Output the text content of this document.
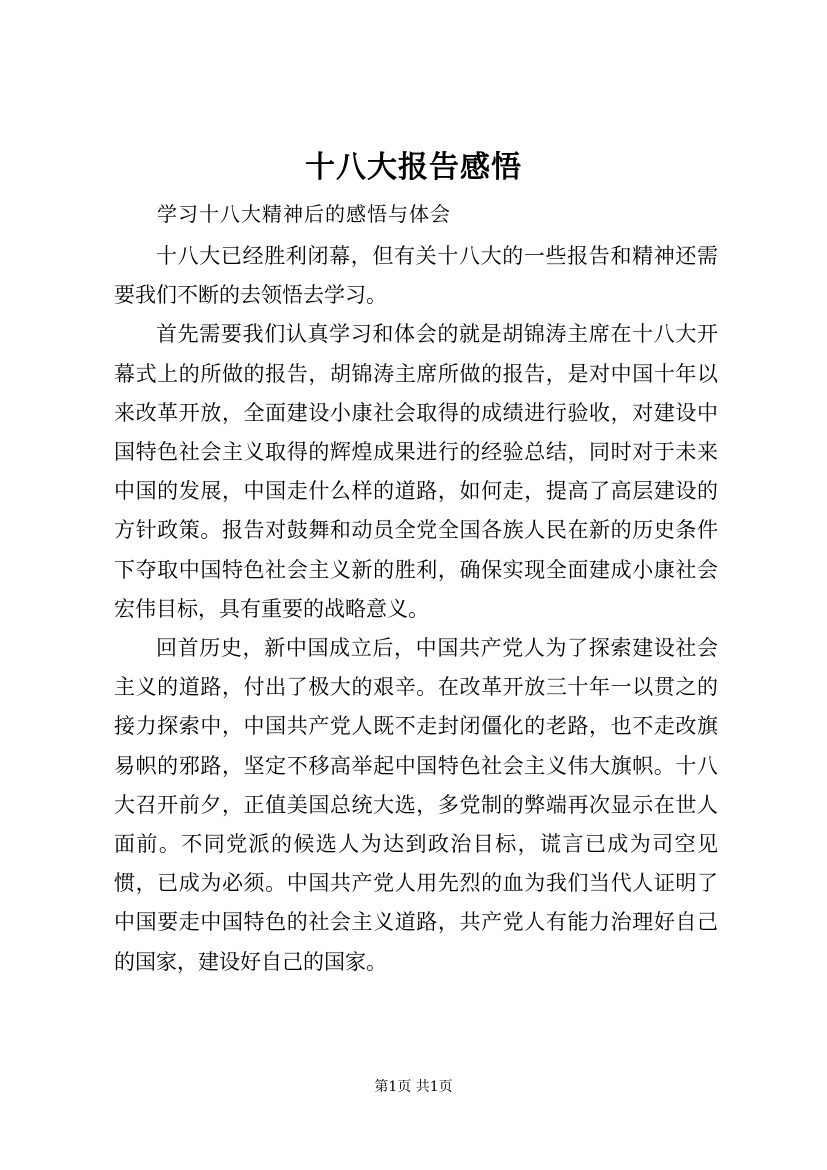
十八大报告感悟
学习十八大精神后的感悟与体会

十八大已经胜利闭幕，但有关十八大的一些报告和精神还需要我们不断的去领悟去学习。

首先需要我们认真学习和体会的就是胡锦涛主席在十八大开幕式上的所做的报告，胡锦涛主席所做的报告，是对中国十年以来改革开放，全面建设小康社会取得的成绩进行验收，对建设中国特色社会主义取得的辉煌成果进行的经验总结，同时对于未来中国的发展，中国走什么样的道路，如何走，提高了高层建设的方针政策。报告对鼓舞和动员全党全国各族人民在新的历史条件下夺取中国特色社会主义新的胜利，确保实现全面建成小康社会宏伟目标，具有重要的战略意义。

回首历史，新中国成立后，中国共产党人为了探索建设社会主义的道路，付出了极大的艰辛。在改革开放三十年一以贯之的接力探索中，中国共产党人既不走封闭僵化的老路，也不走改旗易帜的邪路，坚定不移高举起中国特色社会主义伟大旗帜。十八大召开前夕，正值美国总统大选，多党制的弊端再次显示在世人面前。不同党派的候选人为达到政治目标，谎言已成为司空见惯，已成为必须。中国共产党人用先烈的血为我们当代人证明了中国要走中国特色的社会主义道路，共产党人有能力治理好自己的国家，建设好自己的国家。

第1页 共1页
